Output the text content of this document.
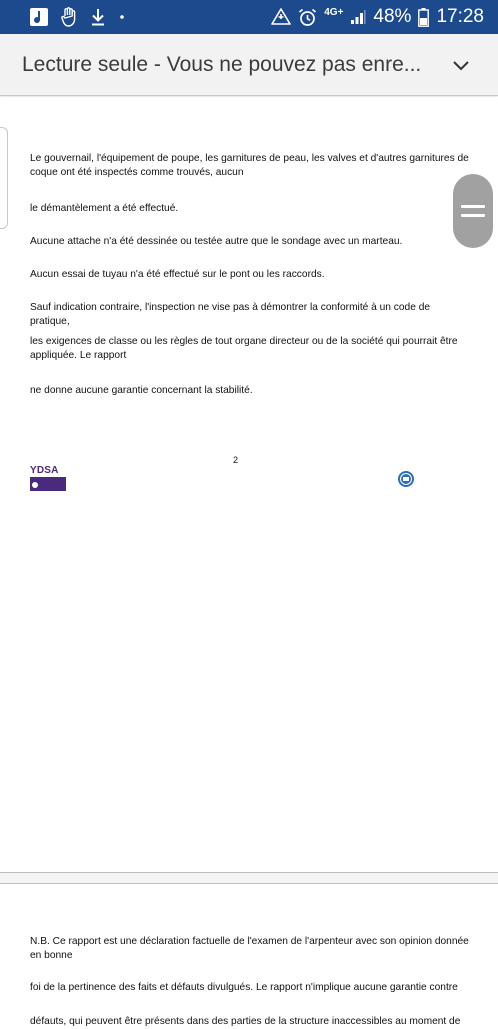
4G+ 48% 17:28
Lecture seule - Vous ne pouvez pas enre...
Le gouvernail, l'équipement de poupe, les garnitures de peau, les valves et d'autres garnitures de coque ont été inspectés comme trouvés, aucun
le démantèlement a été effectué.
Aucune attache n'a été dessinée ou testée autre que le sondage avec un marteau.
Aucun essai de tuyau n'a été effectué sur le pont ou les raccords.
Sauf indication contraire, l'inspection ne vise pas à démontrer la conformité à un code de pratique,
les exigences de classe ou les règles de tout organe directeur ou de la société qui pourrait être appliquée. Le rapport
ne donne aucune garantie concernant la stabilité.
2
YDSA
N.B. Ce rapport est une déclaration factuelle de l'examen de l'arpenteur avec son opinion donnée en bonne
foi de la pertinence des faits et défauts divulgués. Le rapport n'implique aucune garantie contre
défauts, qui peuvent être présents dans des parties de la structure inaccessibles au moment de
